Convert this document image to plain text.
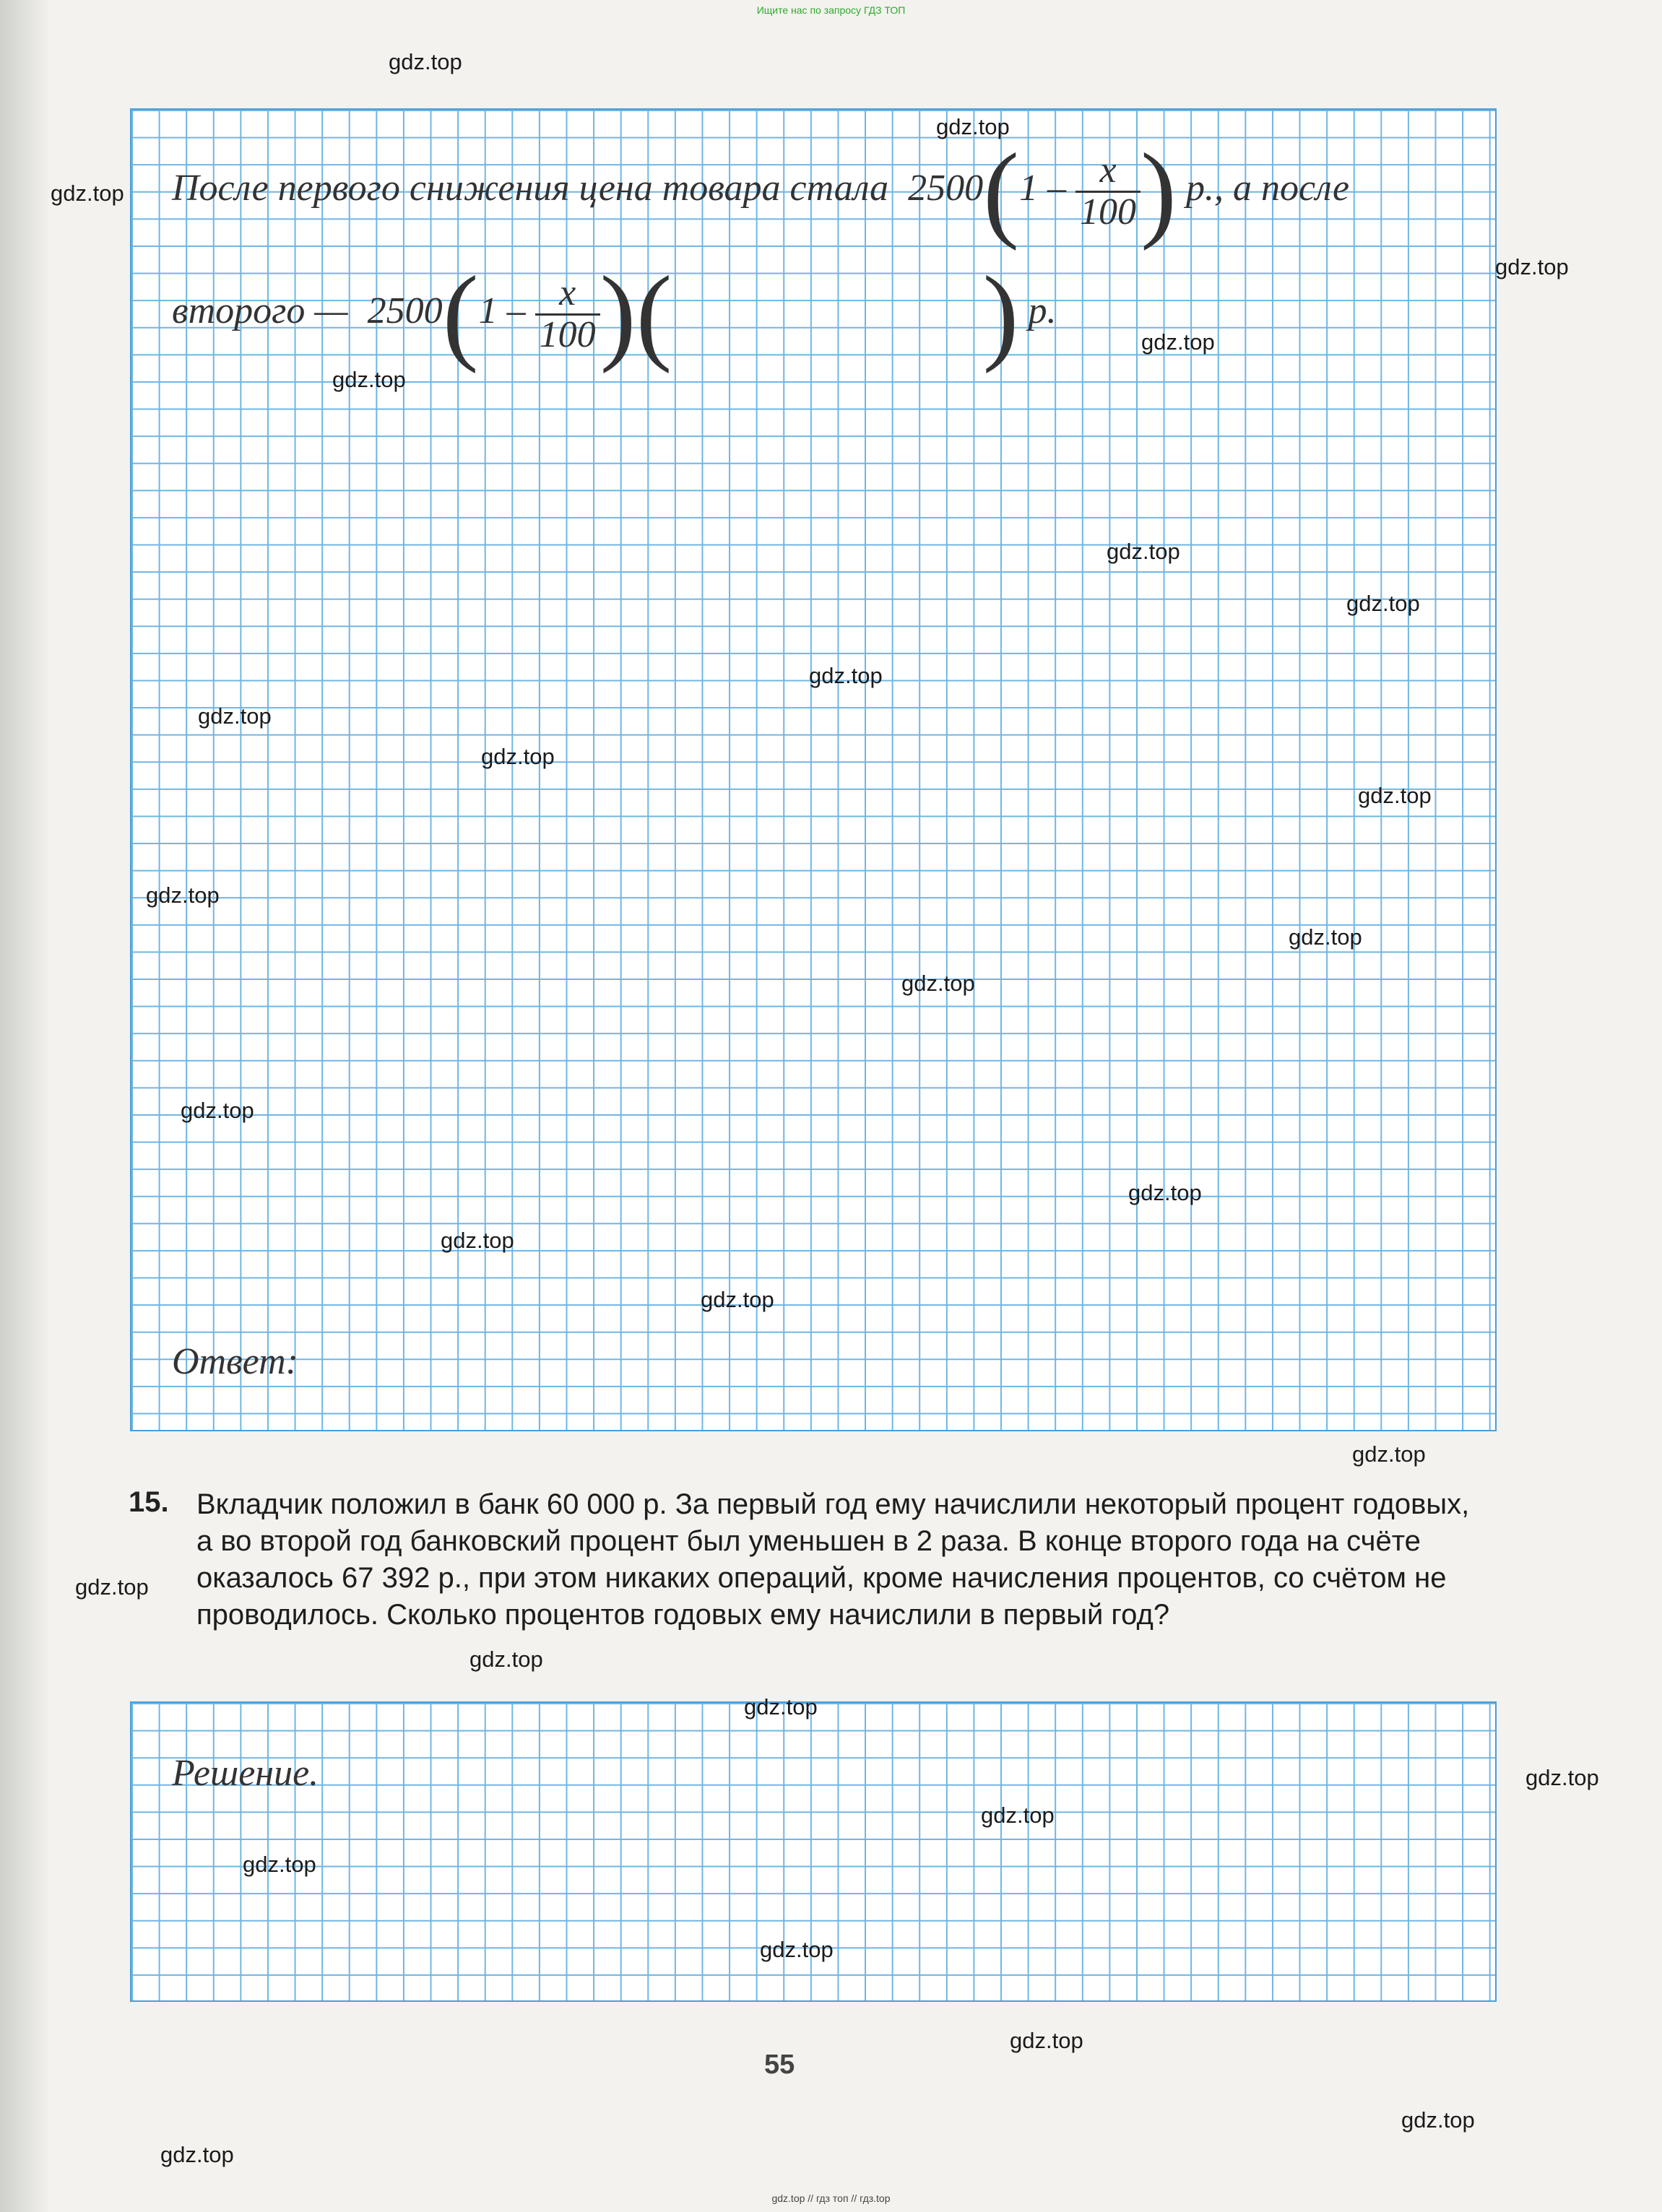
Ищите нас по запросу ГДЗ ТОП
После первого снижения цена товара стала $2500(1 - \frac{x}{100}$ ) р., а после
второго — $2500(1 - \frac{x}{100}$ )(	) р.
Ответ:
15. Вкладчик положил в банк 60 000 р. За первый год ему начислили некоторый процент годовых, а во второй год банковский процент был уменьшен в 2 раза. В конце второго года на счёте оказалось 67 392 р., при этом никаких операций, кроме начисления процентов, со счётом не проводилось. Сколько процентов годовых ему начислили в первый год?
Решение.
55
gdz.top
gdz.top
gdz.top
gdz.top
gdz.top
gdz.top
gdz.top
gdz.top
gdz.top
gdz.top
gdz.top
gdz.top
gdz.top
gdz.top
gdz.top
gdz.top
gdz.top
gdz.top
gdz.top
gdz.top
gdz.top
gdz.top
gdz.top
gdz.top
gdz.top
gdz.top
gdz.top
gdz.top
gdz.top
gdz.top
gdz.top // гдз топ // гдз.top
